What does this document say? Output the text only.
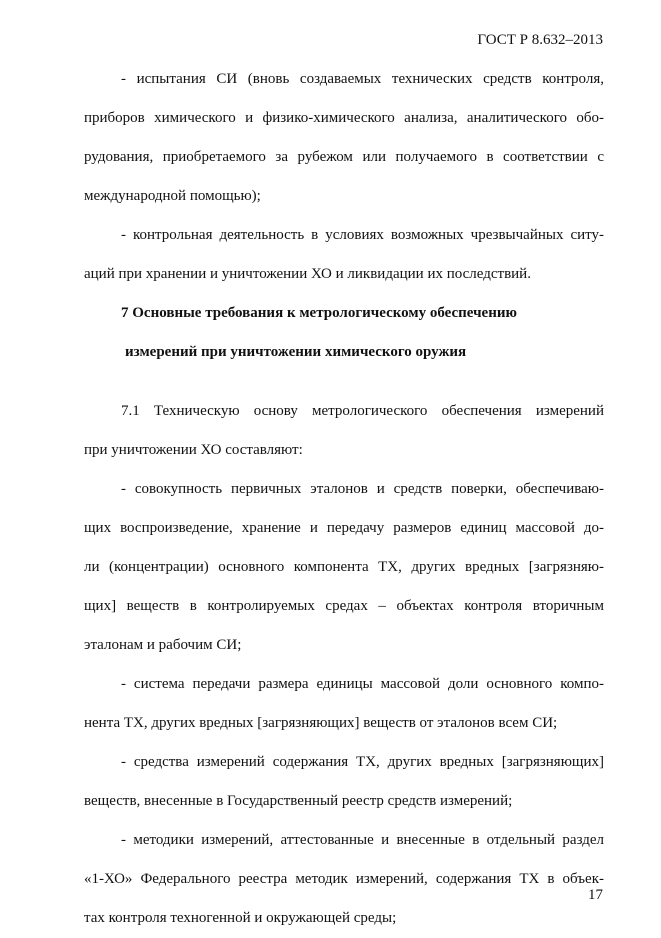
ГОСТ Р 8.632–2013

- испытания СИ (вновь создаваемых технических средств контроля,
приборов химического и физико-химического анализа, аналитического обо-
рудования, приобретаемого за рубежом или получаемого в соответствии с
международной помощью);

- контрольная деятельность в условиях возможных чрезвычайных ситу-
аций при хранении и уничтожении ХО и ликвидации их последствий.

7 Основные требования к метрологическому обеспечению
измерений при уничтожении химического оружия

7.1 Техническую основу метрологического обеспечения измерений
при уничтожении ХО составляют:

- совокупность первичных эталонов и средств поверки, обеспечиваю-
щих воспроизведение, хранение и передачу размеров единиц массовой до-
ли (концентрации) основного компонента ТХ, других вредных [загрязняю-
щих] веществ в контролируемых средах – объектах контроля вторичным
эталонам и рабочим СИ;

- система передачи размера единицы массовой доли основного компо-
нента ТХ, других вредных [загрязняющих] веществ от эталонов всем СИ;

- средства измерений содержания ТХ, других вредных [загрязняющих]
веществ, внесенные в Государственный реестр средств измерений;

- методики измерений, аттестованные и внесенные в отдельный раздел
«1-ХО» Федерального реестра методик измерений, содержания ТХ в объек-
тах контроля техногенной и окружающей среды;

17
